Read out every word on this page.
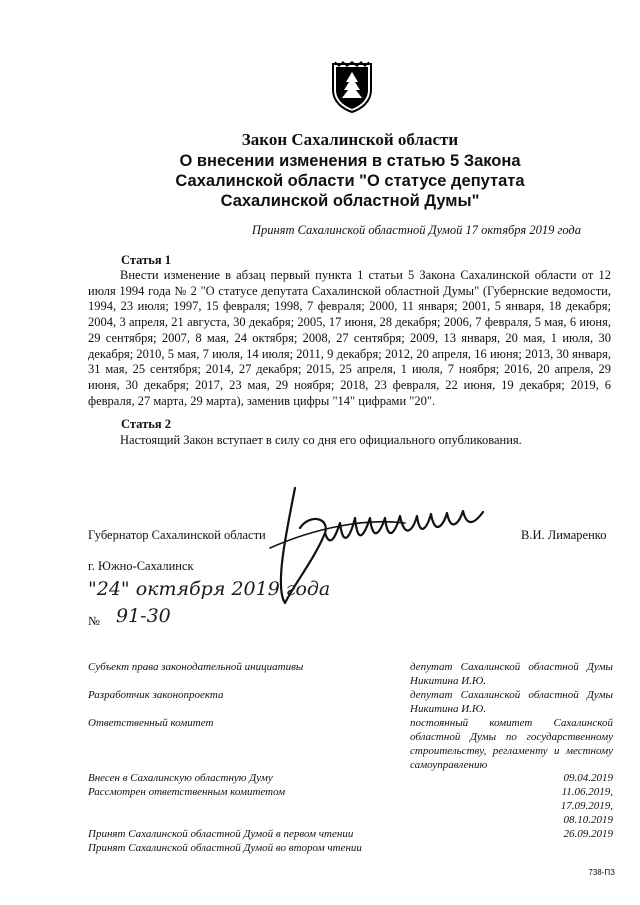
Закон Сахалинской области
О внесении изменения в статью 5 Закона
Сахалинской области "О статусе депутата
Сахалинской областной Думы"
Принят Сахалинской областной Думой 17 октября 2019 года
Статья 1
Внести изменение в абзац первый пункта 1 статьи 5 Закона Сахалинской области от 12 июля 1994 года № 2 "О статусе депутата Сахалинской областной Думы" (Губернские ведомости, 1994, 23 июля; 1997, 15 февраля; 1998, 7 февраля; 2000, 11 января; 2001, 5 января, 18 декабря; 2004, 3 апреля, 21 августа, 30 декабря; 2005, 17 июня, 28 декабря; 2006, 7 февраля, 5 мая, 6 июня, 29 сентября; 2007, 8 мая, 24 октября; 2008, 27 сентября; 2009, 13 января, 20 мая, 1 июля, 30 декабря; 2010, 5 мая, 7 июля, 14 июля; 2011, 9 декабря; 2012, 20 апреля, 16 июня; 2013, 30 января, 31 мая, 25 сентября; 2014, 27 декабря; 2015, 25 апреля, 1 июля, 7 ноября; 2016, 20 апреля, 29 июня, 30 декабря; 2017, 23 мая, 29 ноября; 2018, 23 февраля, 22 июня, 19 декабря; 2019, 6 февраля, 27 марта, 29 марта), заменив цифры "14" цифрами "20".
Статья 2
Настоящий Закон вступает в силу со дня его официального опубликования.
Губернатор Сахалинской области	В.И. Лимаренко
г. Южно-Сахалинск
"24" октября 2019 года
№ 91-30
Субъект права законодательной инициативы	депутат Сахалинской областной Думы Никитина И.Ю.
Разработчик законопроекта	депутат Сахалинской областной Думы Никитина И.Ю.
Ответственный комитет	постоянный комитет Сахалинской областной Думы по государственному строительству, регламенту и местному самоуправлению
Внесен в Сахалинскую областную Думу	09.04.2019
Рассмотрен ответственным комитетом	11.06.2019,
17.09.2019,
08.10.2019
Принят Сахалинской областной Думой в первом чтении	26.09.2019
Принят Сахалинской областной Думой во втором чтении
738-ПЗ
